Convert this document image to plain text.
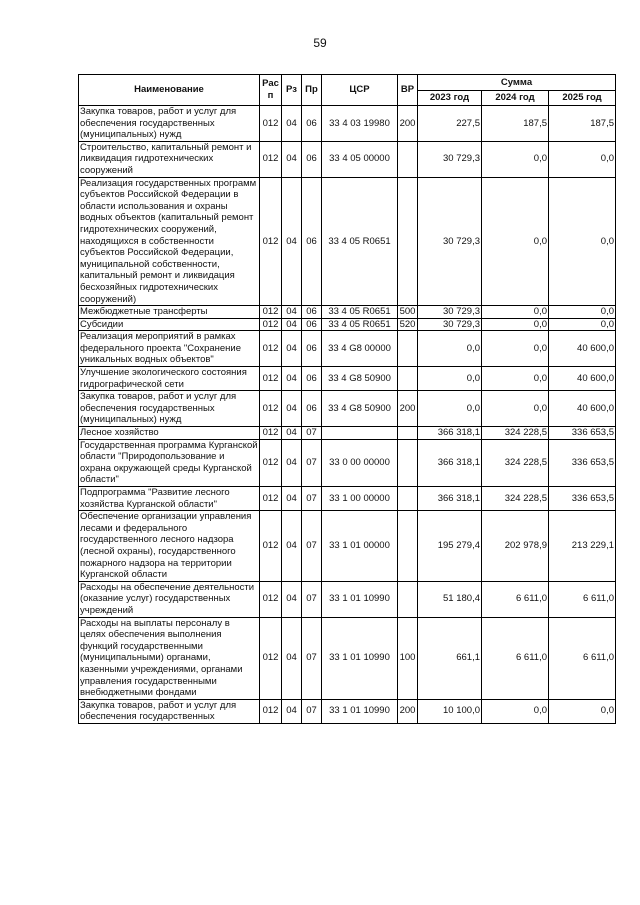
59
Наименование	Рас п	Рз	Пр	ЦСР	ВР	Сумма		
						2023 год	2024 год	2025 год
Закупка товаров, работ и услуг для обеспечения государственных (муниципальных) нужд	012	04	06	33 4 03 19980	200	227,5	187,5	187,5
Строительство, капитальный ремонт и ликвидация гидротехнических сооружений	012	04	06	33 4 05 00000		30 729,3	0,0	0,0
Реализация государственных программ субъектов Российской Федерации в области использования и охраны водных объектов (капитальный ремонт гидротехнических сооружений, находящихся в собственности субъектов Российской Федерации, муниципальной собственности, капитальный ремонт и ликвидация бесхозяйных гидротехнических сооружений)	012	04	06	33 4 05 R0651		30 729,3	0,0	0,0
Межбюджетные трансферты	012	04	06	33 4 05 R0651	500	30 729,3	0,0	0,0
Субсидии	012	04	06	33 4 05 R0651	520	30 729,3	0,0	0,0
Реализация мероприятий в рамках федерального проекта "Сохранение уникальных водных объектов"	012	04	06	33 4 G8 00000		0,0	0,0	40 600,0
Улучшение экологического состояния гидрографической сети	012	04	06	33 4 G8 50900		0,0	0,0	40 600,0
Закупка товаров, работ и услуг для обеспечения государственных (муниципальных) нужд	012	04	06	33 4 G8 50900	200	0,0	0,0	40 600,0
Лесное хозяйство	012	04	07			366 318,1	324 228,5	336 653,5
Государственная программа Курганской области "Природопользование и охрана окружающей среды Курганской области"	012	04	07	33 0 00 00000		366 318,1	324 228,5	336 653,5
Подпрограмма "Развитие лесного хозяйства Курганской области"	012	04	07	33 1 00 00000		366 318,1	324 228,5	336 653,5
Обеспечение организации управления лесами и федерального государственного лесного надзора (лесной охраны), государственного пожарного надзора на территории Курганской области	012	04	07	33 1 01 00000		195 279,4	202 978,9	213 229,1
Расходы на обеспечение деятельности (оказание услуг) государственных учреждений	012	04	07	33 1 01 10990		51 180,4	6 611,0	6 611,0
Расходы на выплаты персоналу в целях обеспечения выполнения функций государственными (муниципальными) органами, казенными учреждениями, органами управления государственными внебюджетными фондами	012	04	07	33 1 01 10990	100	661,1	6 611,0	6 611,0
Закупка товаров, работ и услуг для обеспечения государственных	012	04	07	33 1 01 10990	200	10 100,0	0,0	0,0
